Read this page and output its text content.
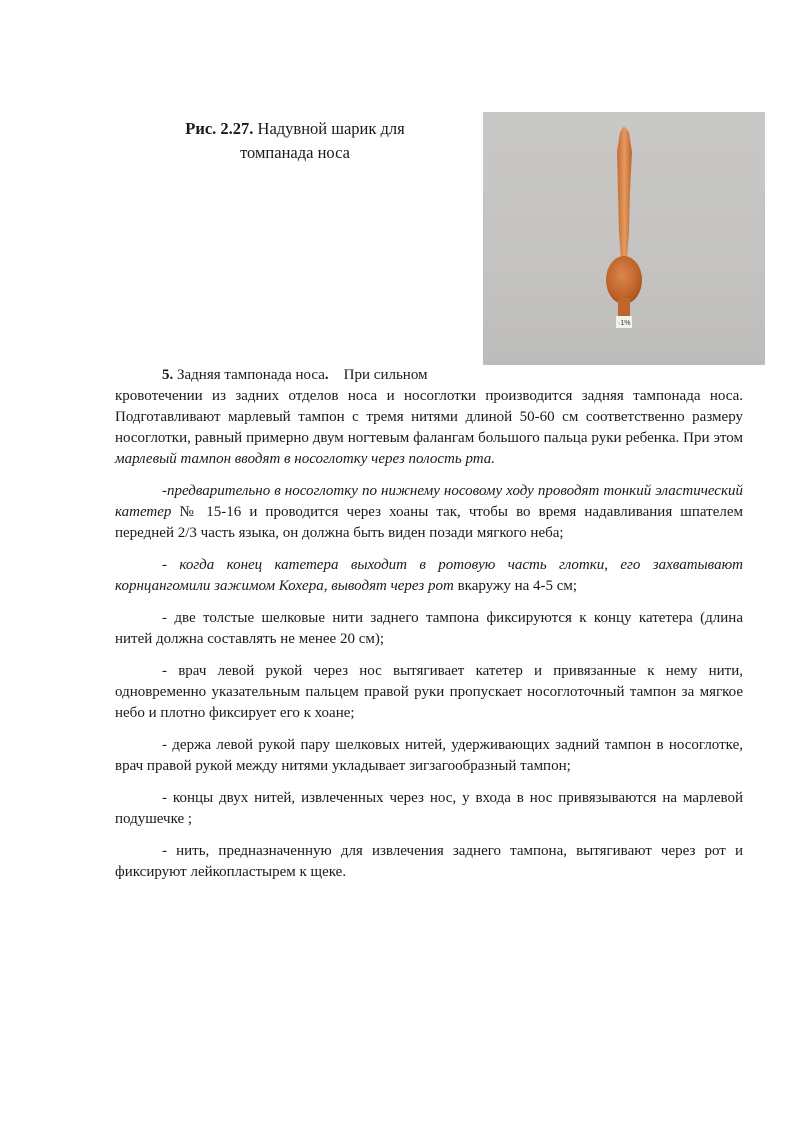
Рис. 2.27. Надувной шарик для
томпанада носа
·1%
5. Задняя тампонада носа. При сильном

кровотечении из задних отделов носа и носоглотки производится задняя тампонада носа. Подготавливают марлевый тампон с тремя нитями длиной 50-60 см соответственно размеру носоглотки, равный примерно двум ногтевым фалангам большого пальца руки ребенка. При этом марлевый тампон вводят в носоглотку через полость рта.

-предварительно в носоглотку по нижнему носовому ходу проводят тонкий эластический катетер № 15-16 и проводится через хоаны так, чтобы во время надавливания шпателем передней 2/3 часть языка, он должна быть виден позади мягкого неба;

- когда конец катетера выходит в ротовую часть глотки, его захватывают корнцангомили зажимом Кохера, выводят через рот вкаружу на 4-5 см;

- две толстые шелковые нити заднего тампона фиксируются к концу катетера (длина нитей должна составлять не менее 20 см);

- врач левой рукой через нос вытягивает катетер и привязанные к нему нити, одновременно указательным пальцем правой руки пропускает носоглоточный тампон за мягкое небо и плотно фиксирует его к хоане;

- держа левой рукой пару шелковых нитей, удерживающих задний тампон в носоглотке, врач правой рукой между нитями укладывает зигзагообразный тампон;

- концы двух нитей, извлеченных через нос, у входа в нос привязываются на марлевой подушечке ;

- нить, предназначенную для извлечения заднего тампона, вытягивают через рот и фиксируют лейкопластырем к щеке.
